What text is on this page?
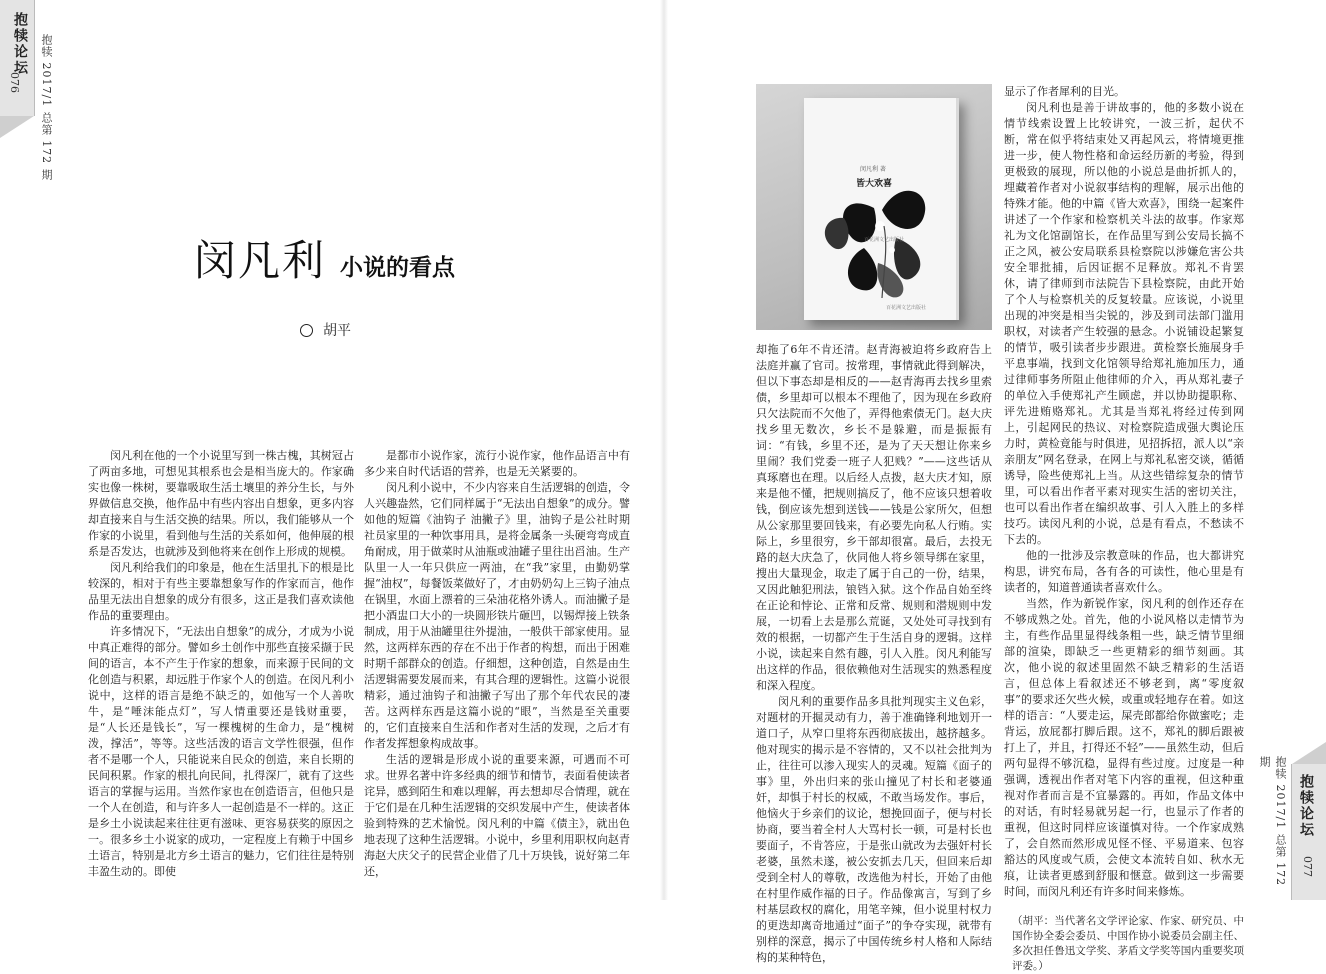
抱犊论坛
076 抱犊 2017/1 总第 172 期
抱犊 2017/1 总第 172 期
抱犊论坛
077
闵凡利 小说的看点
胡平
闵凡利 著
皆大欢喜
百花洲文艺出版社
百花洲文艺出版社

闵凡利在他的一个小说里写到一株古槐，其树冠占了两亩多地，可想见其根系也会是相当庞大的。作家确实也像一株树，要靠吸取生活土壤里的养分生长，与外界做信息交换，他作品中有些内容出自想象，更多内容却直接来自与生活交换的结果。所以，我们能够从一个作家的小说里，看到他与生活的关系如何，他伸展的根系是否发达，也就涉及到他将来在创作上形成的规模。

闵凡利给我们的印象是，他在生活里扎下的根是比较深的，相对于有些主要靠想象写作的作家而言，他作品里无法出自想象的成分有很多，这正是我们喜欢读他作品的重要理由。

许多情况下，“无法出自想象”的成分，才成为小说中真正难得的部分。譬如乡土创作中那些直接采撷于民间的语言，本不产生于作家的想象，而来源于民间的文化创造与积累，却远胜于作家个人的创造。在闵凡利小说中，这样的语言是绝不缺乏的，如他写一个人善吹牛，是“唾沫能点灯”，写人情重要还是钱财重要，是“人长还是钱长”，写一棵槐树的生命力，是“槐树泼，撑活”，等等。这些活泼的语言文学性很强，但作者不是哪一个人，只能说来自民众的创造，来自长期的民间积累。作家的根扎向民间，扎得深厂，就有了这些语言的掌握与运用。当然作家也在创造语言，但他只是一个人在创造，和与许多人一起创造是不一样的。这正是乡土小说读起来往往更有滋味、更容易获奖的原因之一。很多乡土小说家的成功，一定程度上有赖于中国乡土语言，特别是北方乡土语言的魅力，它们往往是特别丰盈生动的。即使

是都市小说作家，流行小说作家，他作品语言中有多少来自时代话语的营养，也是无关紧要的。

闵凡利小说中，不少内容来自生活逻辑的创造，令人兴趣盎然，它们同样属于“无法出自想象”的成分。譬如他的短篇《油钩子 油撇子》里，油钩子是公社时期社员家里的一种饮事用具，是将金属条一头硬弯弯成直角耐成，用于做菜时从油瓶或油罐子里往出舀油。生产队里一人一年只供应一两油，在“我”家里，由勤奶掌握“油权”，每餐饭菜做好了，才由奶奶勾上三钩子油点在锅里，水面上漂着的三朵油花格外诱人。而油撇子是把小酒盅口大小的一块圆形铁片砸凹，以锡焊接上铁条制成，用于从油罐里往外提油，一般供干部家使用。显然，这两样东西的存在不出于作者的构想，而出于困难时期千部群众的创造。仔细想，这种创造，自然是由生活逻辑需要发展而来，有其合理的逻辑性。这篇小说很精彩，通过油钩子和油撇子写出了那个年代农民的凄苦。这两样东西是这篇小说的“眼”，当然是至关重要的，它们直接来自生活和作者对生活的发现，之后才有作者发挥想象构成故事。

生活的逻辑是形成小说的重要来源，可遇而不可求。世界名著中许多经典的细节和情节，表面看使读者诧异，感到陌生和难以理解，再去想却尽合情理，就在于它们是在几种生活逻辑的交织发展中产生，使读者体验到特殊的艺术愉悦。闵凡利的中篇《债主》，就出色地表现了这种生活逻辑。小说中，乡里利用职权向赵青海赵大庆父子的民营企业借了几十万块钱，说好第二年还，

却拖了6年不肯还清。赵青海被迫将乡政府告上法庭并赢了官司。按常理，事情就此得到解决，但以下事态却是相反的——赵青海再去找乡里索债，乡里却可以根本不理他了，因为现在乡政府只欠法院而不欠他了，弄得他索债无门。赵大庆找乡里无数次，乡长不是躲避，而是振振有词：“有钱，乡里不还，是为了天天想让你来乡里闹？我们党委一班子人犯贱？”——这些话从真琢磨也在理。以后经人点拨，赵大庆才知，原来是他不懂，把规则搞反了，他不应该只想着收钱，倒应该先想到送钱——钱是公家所欠，但想从公家那里要回钱来，有必要先向私人行贿。实际上，乡里很穷，乡干部却很富。最后，去投无路的赵大庆急了，伙同他人将乡领导绑在家里，搜出大量现金，取走了属于自己的一份，结果，又因此触犯刑法，锒铛入狱。这个作品自始至终在正论和悖论、正常和反常、规则和潜规则中发展，一切看上去是那么荒诞，又处处可寻找到有效的根据，一切都产生于生活自身的逻辑。这样小说，读起来自然有趣，引人入胜。闵凡利能写出这样的作品，很依赖他对生活现实的熟悉程度和深入程度。

闵凡利的重要作品多具批判现实主义色彩，对题材的开掘灵动有力，善于准确锋利地划开一道口子，从窄口里将东西彻底拔出，越挤越多。他对现实的揭示是不容情的，又不以社会批判为止，往往可以渗入现实人的灵魂。短篇《面子的事》里，外出归来的张山撞见了村长和老婆通奸，却惧于村长的权威，不敢当场发作。事后，他恼火于乡亲们的议论，想挽回面子，便与村长协商，要当着全村人大骂村长一顿，可是村长也要面子，不肯答应，于是张山就改为去强奸村长老婆，虽然未遂，被公安抓去几天，但回来后却受到全村人的尊敬，改选他为村长，开始了由他在村里作威作福的日子。作品像寓言，写到了乡村基层政权的腐化，用笔辛辣，但小说里村权力的更迭却离奇地通过“面子”的争夺实现，就带有别样的深意，揭示了中国传统乡村人格和人际结构的某种特色，

显示了作者犀利的目光。

闵凡利也是善于讲故事的，他的多数小说在情节线索设置上比较讲究，一波三折，起伏不断，常在似乎将结束处又再起风云，将情境更推进一步，使人物性格和命运经历新的考验，得到更极致的展现，所以他的小说总是曲折抓人的，埋藏着作者对小说叙事结构的理解，展示出他的特殊才能。他的中篇《皆大欢喜》，围绕一起案件讲述了一个作家和检察机关斗法的故事。作家郑礼为文化馆副馆长，在作品里写到公安局长搞不正之风，被公安局联系县检察院以涉嫌危害公共安全罪批捕，后因证据不足释放。郑礼不肯罢休，请了律师到市法院告下县检察院，由此开始了个人与检察机关的反复较量。应该说，小说里出现的冲突是相当尖锐的，涉及到司法部门滥用职权，对读者产生较强的悬念。小说铺设起繁复的情节，吸引读者步步跟进。黄检察长施展身手平息事端，找到文化馆领导给郑礼施加压力，通过律师事务所阻止他律师的介入，再从郑礼妻子的单位入手使郑礼产生顾虑，并以协助提职称、评先进贿赂郑礼。尤其是当郑礼将经过传到网上，引起网民的热议、对检察院造成强大舆论压力时，黄检竟能与时俱进，见招拆招，派人以“亲亲朋友”网名登录，在网上与郑礼私密交谈，循循诱导，险些使郑礼上当。从这些错综复杂的情节里，可以看出作者平素对现实生活的密切关注，也可以看出作者在编织故事、引人入胜上的多样技巧。读闵凡利的小说，总是有看点，不愁读不下去的。

他的一批涉及宗教意味的作品，也大都讲究构思，讲究布局，各有各的可读性，他心里是有读者的，知道普通读者喜欢什么。

当然，作为新锐作家，闵凡利的创作还存在不够成熟之处。首先，他的小说风格以走情节为主，有些作品里显得线条粗一些，缺乏情节里细部的渲染，即缺乏一些更精彩的细节刻画。其次，他小说的叙述里固然不缺乏精彩的生活语言，但总体上看叙述还不够老到，离“零度叙事”的要求还欠些火候，或重或轻地存在着。如这样的语言：“人要走运，屎壳郎都给你做蜜吃；走背运，放屁都打脚后跟。这不，郑礼的脚后跟被打上了，并且，打得还不轻”——虽然生动，但后两句显得不够沉稳，显得有些过度。过度是一种强调，透视出作者对笔下内容的重视，但这种重视对作者而言是不宜暴露的。再如，作品文体中的对话，有时轻易就另起一行，也显示了作者的重视，但这时同样应该谨慎对待。一个作家成熟了，会自然而然形成见怪不怪、平易道来、包容豁达的风度或气质，会使文本流转自如、秋水无痕，让读者更感到舒服和惬意。做到这一步需要时间，而闵凡利还有许多时间来修炼。

（胡平：当代著名文学评论家、作家、研究员、中国作协全委会委员、中国作协小说委员会副主任、多次担任鲁迅文学奖、茅盾文学奖等国内重要奖项评委。）
